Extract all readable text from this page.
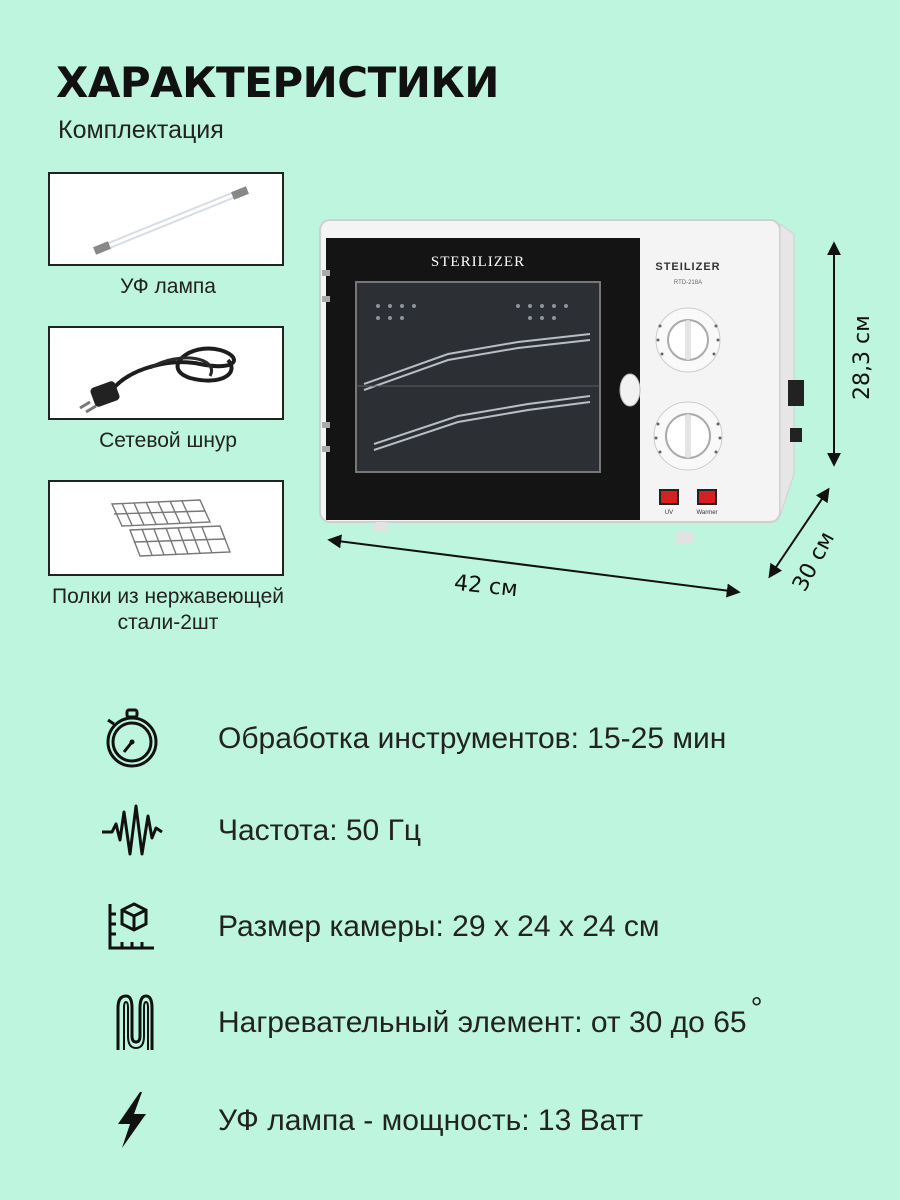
ХАРАКТЕРИСТИКИ
Комплектация
УФ лампа
Сетевой шнур
Полки из нержавеющей стали-2шт
STERILIZER	STEILIZER
RTD-218A
UV	Warmer
28,3 см
30 см
42 см
Обработка инструментов: 15-25 мин
Частота: 50 Гц
Размер камеры: 29 х 24 х 24 см
Нагревательный элемент: от 30 до 65 °
УФ лампа - мощность: 13 Ватт
